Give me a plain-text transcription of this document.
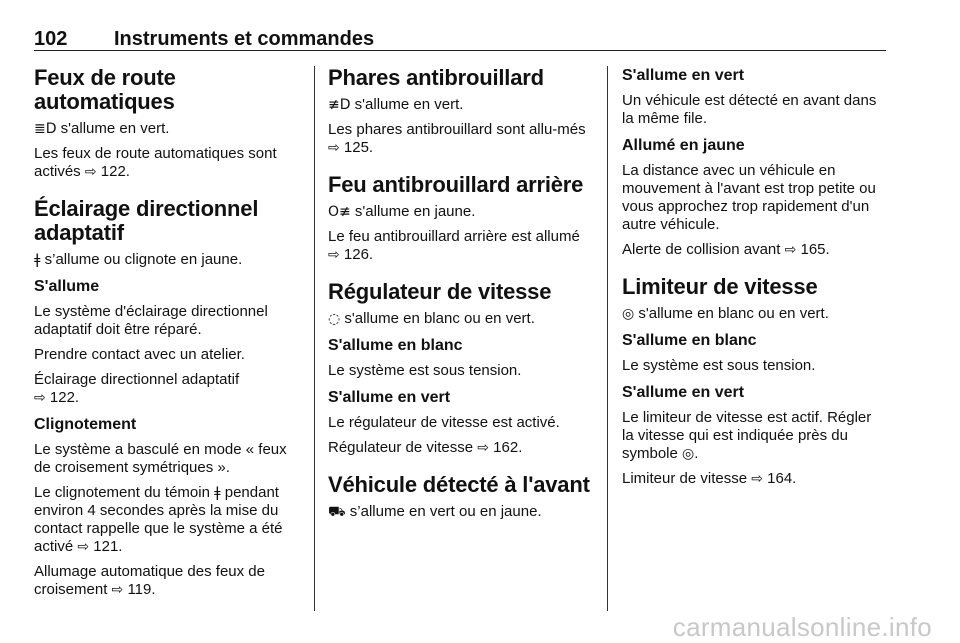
102 Instruments et commandes
Feux de route automatiques

≣D s'allume en vert.

Les feux de route automatiques sont activés ⇨ 122.

Éclairage directionnel adaptatif

ǂ s’allume ou clignote en jaune.

S'allume

Le système d'éclairage directionnel adaptatif doit être réparé.

Prendre contact avec un atelier.

Éclairage directionnel adaptatif
⇨ 122.

Clignotement

Le système a basculé en mode « feux de croisement symétriques ».

Le clignotement du témoin ǂ pendant environ 4 secondes après la mise du contact rappelle que le système a été activé ⇨ 121.

Allumage automatique des feux de croisement ⇨ 119.

Phares antibrouillard

≢D s'allume en vert.

Les phares antibrouillard sont allu-més ⇨ 125.

Feu antibrouillard arrière

O≢ s'allume en jaune.

Le feu antibrouillard arrière est allumé ⇨ 126.

Régulateur de vitesse

◌ s'allume en blanc ou en vert.

S'allume en blanc

Le système est sous tension.

S'allume en vert

Le régulateur de vitesse est activé.

Régulateur de vitesse ⇨ 162.

Véhicule détecté à l'avant

⛟ s’allume en vert ou en jaune.

S'allume en vert

Un véhicule est détecté en avant dans la même file.

Allumé en jaune

La distance avec un véhicule en mouvement à l'avant est trop petite ou vous approchez trop rapidement d'un autre véhicule.

Alerte de collision avant ⇨ 165.

Limiteur de vitesse

◎ s'allume en blanc ou en vert.

S'allume en blanc

Le système est sous tension.

S'allume en vert

Le limiteur de vitesse est actif. Régler la vitesse qui est indiquée près du symbole ◎.

Limiteur de vitesse ⇨ 164.

carmanualsonline.info
